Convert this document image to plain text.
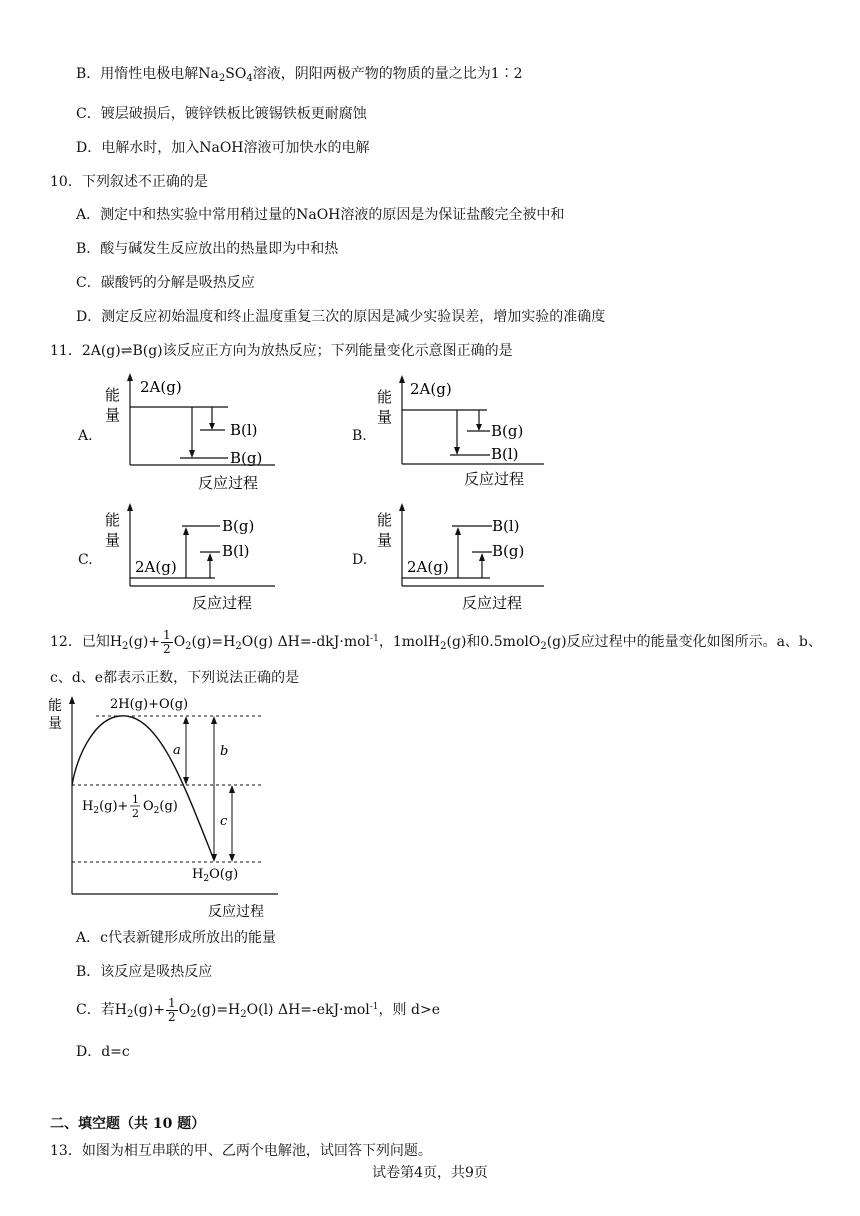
B．用惰性电极电解$Na_2SO_4$溶液，阴阳两极产物的物质的量之比为1∶2
C．镀层破损后，镀锌铁板比镀锡铁板更耐腐蚀
D．电解水时，加入NaOH溶液可加快水的电解
10．下列叙述不正确的是
A．测定中和热实验中常用稍过量的NaOH溶液的原因是为保证盐酸完全被中和
B．酸与碱发生反应放出的热量即为中和热
C．碳酸钙的分解是吸热反应
D．测定反应初始温度和终止温度重复三次的原因是减少实验误差，增加实验的准确度
11．2A(g)⇌B(g)该反应正方向为放热反应；下列能量变化示意图正确的是
A.
能
量
2A(g)
B(l)
B(g)
反应过程
B.
能
量
2A(g)
B(g)
B(l)
反应过程
C.
能
量
2A(g)
B(g)
B(l)
反应过程
D.
能
量
2A(g)
B(l)
B(g)
反应过程
12．已知$H_2(g)+ \frac{1}{2} O_2(g)=H_2O(g)$ ΔH=-dkJ·mol$^{-1}$，1molH$_2$(g)和0.5molO$_2$(g)反应过程中的能量变化如图所示。a、b、
c、d、e都表示正数，下列说法正确的是
能
量
2H(g)+O(g)
a	b
c
$H_2(g)+ 1$
2 $O_2(g)$
$H_2O(g)$
反应过程
A．c代表新键形成所放出的能量
B．该反应是吸热反应
C．若$H_2(g)+ \frac{1}{2} O_2(g)=H_2O(l)$ ΔH=-ekJ·mol$^{-1}$，则 d>e
D．d=c
二、填空题（共 10 题）
13．如图为相互串联的甲、乙两个电解池，试回答下列问题。
试卷第4页，共9页
